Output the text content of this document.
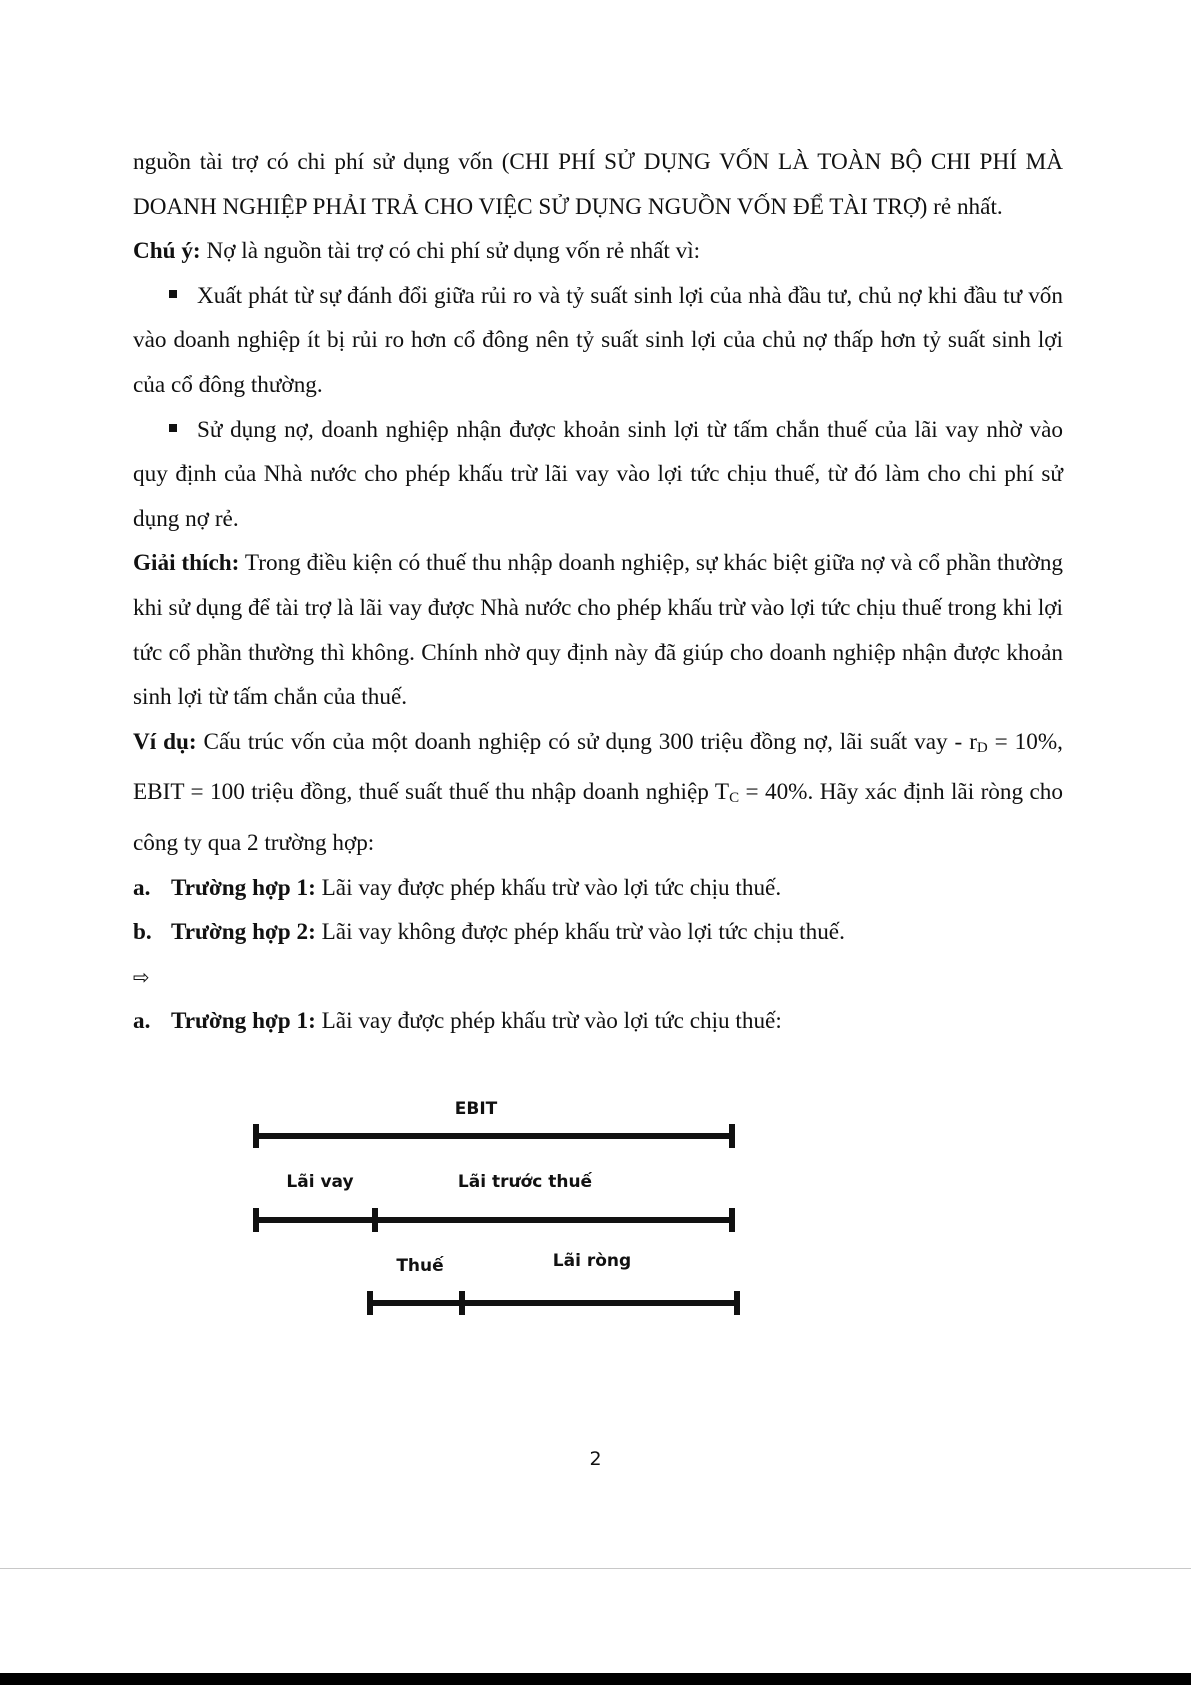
nguồn tài trợ có chi phí sử dụng vốn (CHI PHÍ SỬ DỤNG VỐN LÀ TOÀN BỘ CHI PHÍ MÀ DOANH NGHIỆP PHẢI TRẢ CHO VIỆC SỬ DỤNG NGUỒN VỐN ĐỂ TÀI TRỢ) rẻ nhất.

Chú ý: Nợ là nguồn tài trợ có chi phí sử dụng vốn rẻ nhất vì:

Xuất phát từ sự đánh đổi giữa rủi ro và tỷ suất sinh lợi của nhà đầu tư, chủ nợ khi đầu tư vốn vào doanh nghiệp ít bị rủi ro hơn cổ đông nên tỷ suất sinh lợi của chủ nợ thấp hơn tỷ suất sinh lợi của cổ đông thường.

Sử dụng nợ, doanh nghiệp nhận được khoản sinh lợi từ tấm chắn thuế của lãi vay nhờ vào quy định của Nhà nước cho phép khấu trừ lãi vay vào lợi tức chịu thuế, từ đó làm cho chi phí sử dụng nợ rẻ.

Giải thích: Trong điều kiện có thuế thu nhập doanh nghiệp, sự khác biệt giữa nợ và cổ phần thường khi sử dụng để tài trợ là lãi vay được Nhà nước cho phép khấu trừ vào lợi tức chịu thuế trong khi lợi tức cổ phần thường thì không. Chính nhờ quy định này đã giúp cho doanh nghiệp nhận được khoản sinh lợi từ tấm chắn của thuế.

Ví dụ: Cấu trúc vốn của một doanh nghiệp có sử dụng 300 triệu đồng nợ, lãi suất vay - $r_D = 10\%$, EBIT = 100 triệu đồng, thuế suất thuế thu nhập doanh nghiệp $T_C = 40\%$. Hãy xác định lãi ròng cho công ty qua 2 trường hợp:

a. Trường hợp 1: Lãi vay được phép khấu trừ vào lợi tức chịu thuế.

b. Trường hợp 2: Lãi vay không được phép khấu trừ vào lợi tức chịu thuế.

⇨

a. Trường hợp 1: Lãi vay được phép khấu trừ vào lợi tức chịu thuế:

EBIT
Lãi vay	Lãi trước thuế
Thuế	Lãi ròng
2
